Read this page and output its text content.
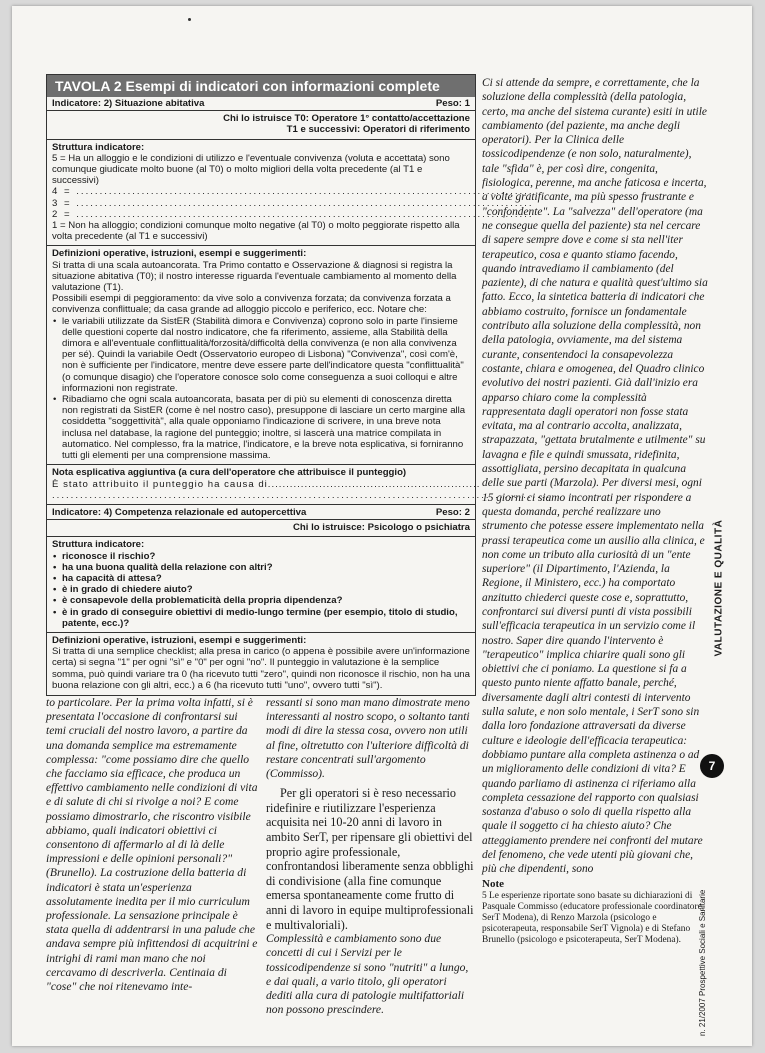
TAVOLA 2 Esempi di indicatori con informazioni complete
Indicatore: 2) Situazione abitativa	Peso: 1
Chi lo istruisce T0: Operatore 1° contatto/accettazione
T1 e successivi: Operatori di riferimento
Struttura indicatore:

5 = Ha un alloggio e le condizioni di utilizzo e l'eventuale convivenza (voluta e accettata) sono comunque giudicate molto buone (al T0) o molto migliori della volta precedente (al T1 e successivi)

4 = ..................................................................................................
3 = ..................................................................................................
2 = ..................................................................................................

1 = Non ha alloggio; condizioni comunque molto negative (al T0) o molto peggiorate rispetto alla volta precedente (al T1 e successivi)

Definizioni operative, istruzioni, esempi e suggerimenti:

Si tratta di una scala autoancorata. Tra Primo contatto e Osservazione & diagnosi si registra la situazione abitativa (T0); il nostro interesse riguarda l'eventuale cambiamento al momento della valutazione (T1).

Possibili esempi di peggioramento: da vive solo a convivenza forzata; da convivenza forzata a convivenza conflittuale; da casa grande ad alloggio piccolo e periferico, ecc. Notare che:

• le variabili utilizzate da SistER (Stabilità dimora e Convivenza) coprono solo in parte l'insieme delle questioni coperte dal nostro indicatore, che fa riferimento, assieme, alla Stabilità della dimora e all'eventuale conflittualità/forzosità/difficoltà della convivenza (e non alla convivenza per sé). Quindi la variabile Oedt (Osservatorio europeo di Lisbona) "Convivenza", così com'è, non è sufficiente per l'indicatore, mentre deve essere parte dell'indicatore questa "conflittualità" (o comunque disagio) che l'operatore conosce solo come conseguenza a suoi colloqui e altre informazioni non registrate.
• Ribadiamo che ogni scala autoancorata, basata per di più su elementi di conoscenza diretta non registrati da SistER (come è nel nostro caso), presuppone di lasciare un certo margine alla cosiddetta "soggettività", alla quale opponiamo l'indicazione di scrivere, in una breve nota inclusa nel database, la ragione del punteggio; inoltre, si lascerà una matrice compilata in automatico. Nel complesso, fra la matrice, l'indicatore, e la breve nota esplicativa, si forniranno tutti gli elementi per una comprensione massima.
Nota esplicativa aggiuntiva (a cura dell'operatore che attribuisce il punteggio)
È stato attribuito il punteggio ha causa di..........................................................
...........................................................................................................
Indicatore: 4) Competenza relazionale ed autopercettiva	Peso: 2
Chi lo istruisce: Psicologo o psichiatra
Struttura indicatore:
• riconosce il rischio?
• ha una buona qualità della relazione con altri?
• ha capacità di attesa?
• è in grado di chiedere aiuto?
• è consapevole della problematicità della propria dipendenza?
• è in grado di conseguire obiettivi di medio-lungo termine (per esempio, titolo di studio, patente, ecc.)?
Definizioni operative, istruzioni, esempi e suggerimenti:

Si tratta di una semplice checklist; alla presa in carico (o appena è possibile avere un'informazione certa) si segna "1" per ogni "sì" e "0" per ogni "no". Il punteggio in valutazione è la semplice somma, può quindi variare tra 0 (ha ricevuto tutti "zero", quindi non riconosce il rischio, non ha una buona relazione con gli altri, ecc.) a 6 (ha ricevuto tutti "uno", ovvero tutti "sì").

to particolare. Per la prima volta infatti, si è presentata l'occasione di confrontarsi sui temi cruciali del nostro lavoro, a partire da una domanda semplice ma estremamente complessa: "come possiamo dire che quello che facciamo sia efficace, che produca un effettivo cambiamento nelle condizioni di vita e di salute di chi si rivolge a noi? E come possiamo dimostrarlo, che riscontro visibile abbiamo, quali indicatori obiettivi ci consentono di affermarlo al di là delle impressioni e delle opinioni personali?" (Brunello). La costruzione della batteria di indicatori è stata un'esperienza assolutamente inedita per il mio curriculum professionale. La sensazione principale è stata quella di addentrarsi in una palude che andava sempre più infittendosi di acquitrini e intrighi di rami man mano che noi cercavamo di descriverla. Centinaia di "cose" che noi ritenevamo inte-

ressanti si sono man mano dimostrate meno interessanti al nostro scopo, o soltanto tanti modi di dire la stessa cosa, ovvero non utili al fine, oltretutto con l'ulteriore difficoltà di restare concentrati sull'argomento (Commisso).

Per gli operatori si è reso necessario ridefinire e riutilizzare l'esperienza acquisita nei 10-20 anni di lavoro in ambito SerT, per ripensare gli obiettivi del proprio agire professionale, confrontandosi liberamente senza obblighi di condivisione (alla fine comunque emersa spontaneamente come frutto di anni di lavoro in equipe multiprofessionali e multivaloriali).

Complessità e cambiamento sono due concetti di cui i Servizi per le tossicodipendenze si sono "nutriti" a lungo, e dai quali, a vario titolo, gli operatori dediti alla cura di patologie multifattoriali non possono prescindere.

Ci si attende da sempre, e correttamente, che la soluzione della complessità (della patologia, certo, ma anche del sistema curante) esiti in utile cambiamento (del paziente, ma anche degli operatori). Per la Clinica delle tossicodipendenze (e non solo, naturalmente), tale "sfida" è, per così dire, congenita, fisiologica, perenne, ma anche faticosa e incerta, a volte gratificante, ma più spesso frustrante e "confondente". La "salvezza" dell'operatore (ma ne consegue quella del paziente) sta nel cercare di sapere sempre dove e come si sta nell'iter terapeutico, cosa e quanto stiamo facendo, quando intravediamo il cambiamento (del paziente), di che natura e qualità quest'ultimo sia fatto. Ecco, la sintetica batteria di indicatori che abbiamo costruito, fornisce un fondamentale contributo alla soluzione della complessità, non della patologia, ovviamente, ma del sistema curante, consentendoci la consapevolezza costante, chiara e omogenea, del Quadro clinico evolutivo dei nostri pazienti. Già dall'inizio era apparso chiaro come la complessità rappresentata dagli operatori non fosse stata evitata, ma al contrario accolta, analizzata, strapazzata, "gettata brutalmente e utilmente" su lavagna e file e quindi smussata, ridefinita, assottigliata, persino decapitata in qualcuna delle sue parti (Marzola). Per diversi mesi, ogni 15 giorni ci siamo incontrati per rispondere a questa domanda, perché realizzare uno strumento che potesse essere implementato nella prassi terapeutica come un ausilio alla clinica, e non come un tributo alla curiosità di un "ente superiore" (il Dipartimento, l'Azienda, la Regione, il Ministero, ecc.) ha comportato anzitutto chiederci queste cose e, soprattutto, confrontarci sui diversi punti di vista possibili sull'efficacia terapeutica in un servizio come il nostro. Saper dire quando l'intervento è "terapeutico" implica chiarire quali sono gli obiettivi che ci poniamo. La questione si fa a questo punto niente affatto banale, perché, diversamente dagli altri contesti di intervento sulla salute, e non solo mentale, i SerT sono sin dalla loro fondazione attraversati da diverse culture e ideologie dell'efficacia terapeutica: dobbiamo puntare alla completa astinenza o ad un miglioramento delle condizioni di vita? E quando parliamo di astinenza ci riferiamo alla completa cessazione del rapporto con qualsiasi sostanza d'abuso o solo di quella rispetto alla quale il soggetto ci ha chiesto aiuto? Che atteggiamento prendere nei confronti del mutare del fenomeno, che vede utenti più giovani che, più che dipendenti, sono

Note
5 Le esperienze riportate sono basate su dichiarazioni di Pasquale Commisso (educatore professionale coordinatore, SerT Modena), di Renzo Marzola (psicologo e psicoterapeuta, responsabile SerT Vignola) e di Stefano Brunello (psicologo e psicoterapeuta, SerT Modena).
VALUTAZIONE E QUALITÀ
7
n. 21/2007 Prospettive Sociali e Sanitarie
